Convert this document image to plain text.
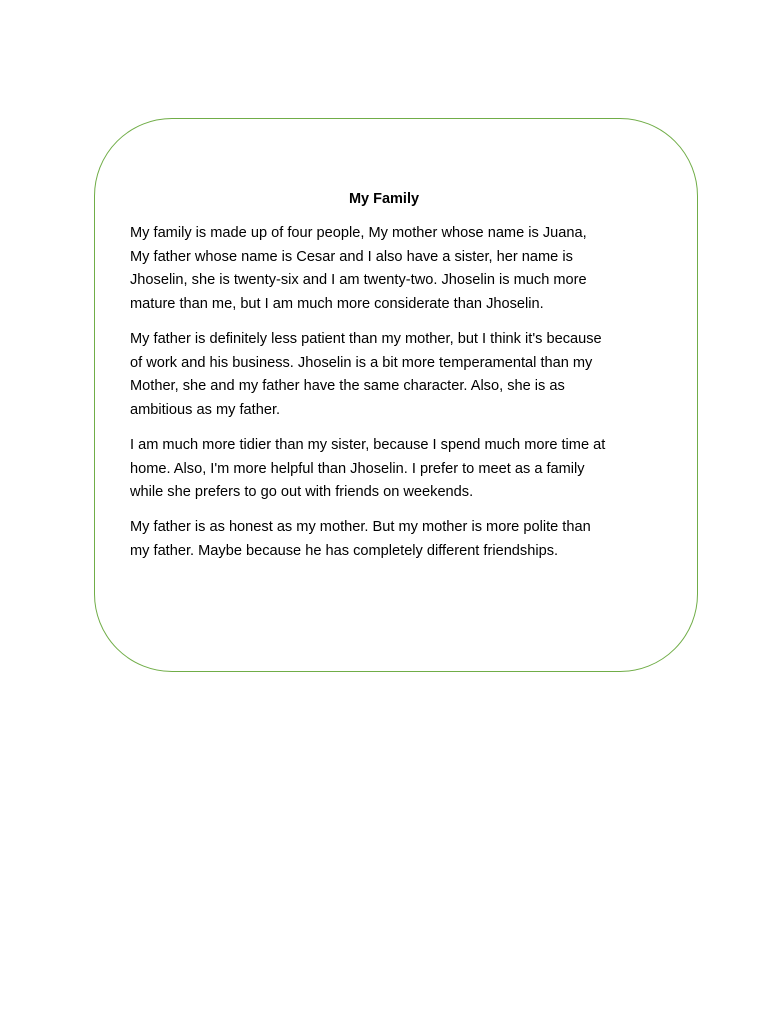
My Family

My family is made up of four people, My mother whose name is Juana,
My father whose name is Cesar and I also have a sister, her name is
Jhoselin, she is twenty-six and I am twenty-two. Jhoselin is much more
mature than me, but I am much more considerate than Jhoselin.

My father is definitely less patient than my mother, but I think it's because
of work and his business. Jhoselin is a bit more temperamental than my
Mother, she and my father have the same character. Also, she is as
ambitious as my father.

I am much more tidier than my sister, because I spend much more time at
home. Also, I'm more helpful than Jhoselin. I prefer to meet as a family
while she prefers to go out with friends on weekends.

My father is as honest as my mother. But my mother is more polite than
my father. Maybe because he has completely different friendships.
